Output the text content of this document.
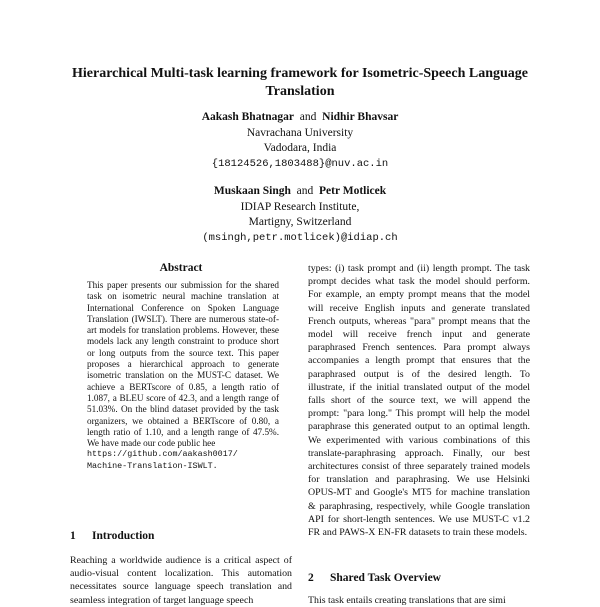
Hierarchical Multi-task learning framework for Isometric-Speech Language Translation
Aakash Bhatnagar and Nidhir Bhavsar
Navrachana University
Vadodara, India
{18124526,1803488}@nuv.ac.in
Muskaan Singh and Petr Motlicek
IDIAP Research Institute,
Martigny, Switzerland
(msingh,petr.motlicek)@idiap.ch
Abstract
This paper presents our submission for the shared task on isometric neural machine translation at International Conference on Spoken Language Translation (IWSLT). There are numerous state-of-art models for translation problems. However, these models lack any length constraint to produce short or long outputs from the source text. This paper proposes a hierarchical approach to generate isometric translation on the MUST-C dataset. We achieve a BERTscore of 0.85, a length ratio of 1.087, a BLEU score of 42.3, and a length range of 51.03%. On the blind dataset provided by the task organizers, we obtained a BERTscore of 0.80, a length ratio of 1.10, and a length range of 47.5%. We have made our code public hee
https://github.com/aakash0017/
Machine-Translation-ISWLT.
1 Introduction
Reaching a worldwide audience is a critical aspect of audio-visual content localization. This automation necessitates source language speech translation and seamless integration of target language speech
types: (i) task prompt and (ii) length prompt. The task prompt decides what task the model should perform. For example, an empty prompt means that the model will receive English inputs and generate translated French outputs, whereas "para" prompt means that the model will receive french input and generate paraphrased French sentences. Para prompt always accompanies a length prompt that ensures that the paraphrased output is of the desired length. To illustrate, if the initial translated output of the model falls short of the source text, we will append the prompt: "para long." This prompt will help the model paraphrase this generated output to an optimal length. We experimented with various combinations of this translate-paraphrasing approach. Finally, our best architectures consist of three separately trained models for translation and paraphrasing. We use Helsinki OPUS-MT and Google's MT5 for machine translation & paraphrasing, respectively, while Google translation API for short-length sentences. We use MUST-C v1.2 FR and PAWS-X EN-FR datasets to train these models.
2 Shared Task Overview
This task entails creating translations that are simi
